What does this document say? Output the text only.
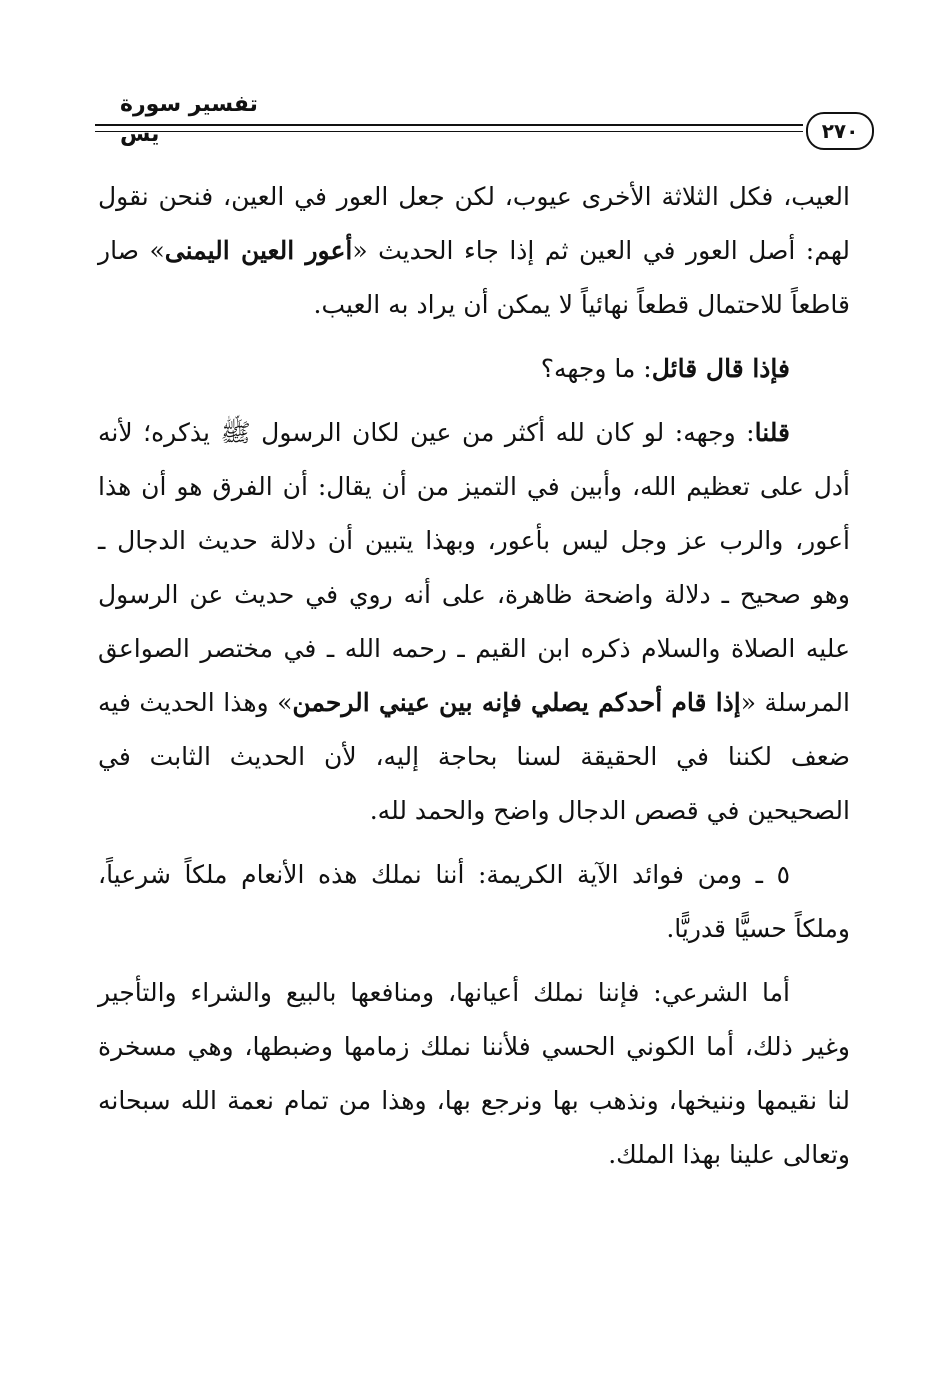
تفسير سورة يس	٢٧٠

العيب، فكل الثلاثة الأخرى عيوب، لكن جعل العور في العين، فنحن نقول لهم: أصل العور في العين ثم إذا جاء الحديث «أعور العين اليمنى» صار قاطعاً للاحتمال قطعاً نهائياً لا يمكن أن يراد به العيب.

فإذا قال قائل: ما وجهه؟

قلنا: وجهه: لو كان لله أكثر من عين لكان الرسول ﷺ يذكره؛ لأنه أدل على تعظيم الله، وأبين في التميز من أن يقال: أن الفرق هو أن هذا أعور، والرب عز وجل ليس بأعور، وبهذا يتبين أن دلالة حديث الدجال ـ وهو صحيح ـ دلالة واضحة ظاهرة، على أنه روي في حديث عن الرسول عليه الصلاة والسلام ذكره ابن القيم ـ رحمه الله ـ في مختصر الصواعق المرسلة «إذا قام أحدكم يصلي فإنه بين عيني الرحمن» وهذا الحديث فيه ضعف لكننا في الحقيقة لسنا بحاجة إليه، لأن الحديث الثابت في الصحيحين في قصص الدجال واضح والحمد لله.

٥ ـ ومن فوائد الآية الكريمة: أننا نملك هذه الأنعام ملكاً شرعياً، وملكاً حسيًّا قدريًّا.

أما الشرعي: فإننا نملك أعيانها، ومنافعها بالبيع والشراء والتأجير وغير ذلك، أما الكوني الحسي فلأننا نملك زمامها وضبطها، وهي مسخرة لنا نقيمها وننيخها، ونذهب بها ونرجع بها، وهذا من تمام نعمة الله سبحانه وتعالى علينا بهذا الملك.
